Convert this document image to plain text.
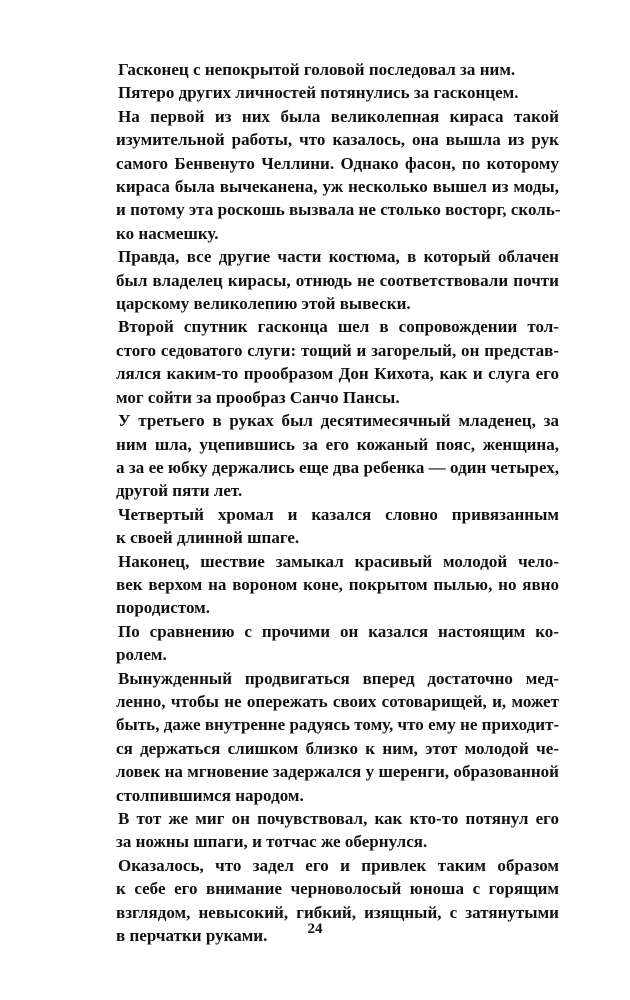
Гасконец с непокрытой головой последовал за ним.

Пятеро других личностей потянулись за гасконцем.

На первой из них была великолепная кираса такой
изумительной работы, что казалось, она вышла из рук
самого Бенвенуто Челлини. Однако фасон, по которому
кираса была вычеканена, уж несколько вышел из моды,
и потому эта роскошь вызвала не столько восторг, сколь-
ко насмешку.

Правда, все другие части костюма, в который облачен
был владелец кирасы, отнюдь не соответствовали почти
царскому великолепию этой вывески.

Второй спутник гасконца шел в сопровождении тол-
стого седоватого слуги: тощий и загорелый, он представ-
лялся каким-то прообразом Дон Кихота, как и слуга его
мог сойти за прообраз Санчо Пансы.

У третьего в руках был десятимесячный младенец, за
ним шла, уцепившись за его кожаный пояс, женщина,
а за ее юбку держались еще два ребенка — один четырех,
другой пяти лет.

Четвертый хромал и казался словно привязанным
к своей длинной шпаге.

Наконец, шествие замыкал красивый молодой чело-
век верхом на вороном коне, покрытом пылью, но явно
породистом.

По сравнению с прочими он казался настоящим ко-
ролем.

Вынужденный продвигаться вперед достаточно мед-
ленно, чтобы не опережать своих сотоварищей, и, может
быть, даже внутренне радуясь тому, что ему не приходит-
ся держаться слишком близко к ним, этот молодой че-
ловек на мгновение задержался у шеренги, образованной
столпившимся народом.

В тот же миг он почувствовал, как кто-то потянул его
за ножны шпаги, и тотчас же обернулся.

Оказалось, что задел его и привлек таким образом
к себе его внимание черноволосый юноша с горящим
взглядом, невысокий, гибкий, изящный, с затянутыми
в перчатки руками.	24
